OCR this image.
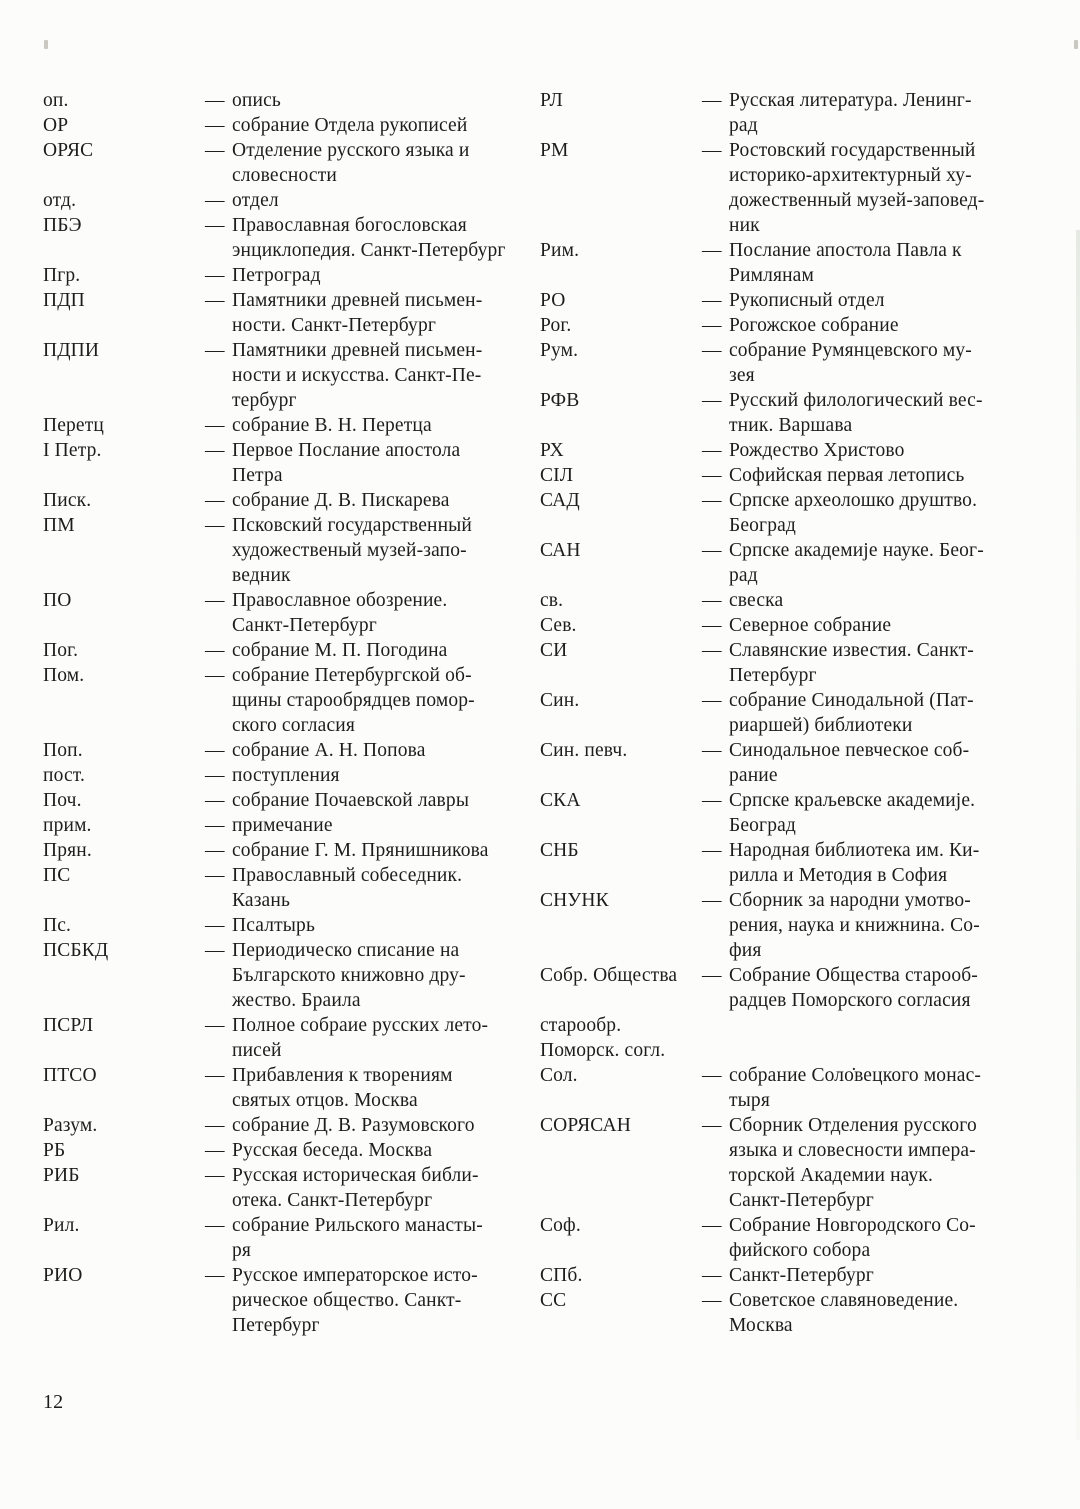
оп.	— опись
ОР	— собрание Отдела рукописей
ОРЯС	— Отделение русского языка и
словесности
отд.	— отдел
ПБЭ	— Православная богословская
энциклопедия. Санкт-Петербург
Пгр.	— Петроград
ПДП	— Памятники древней письмен-
ности. Санкт-Петербург
ПДПИ	— Памятники древней письмен-
ности и искусства. Санкт-Пе-
тербург
Перетц	— собрание В. Н. Перетца
I Петр.	— Первое Послание апостола
Петра
Писк.	— собрание Д. В. Пискарева
ПМ	— Псковский государственный
художественый музей-запо-
ведник
ПО	— Православное обозрение.
Санкт-Петербург
Пог.	— собрание М. П. Погодина
Пом.	— собрание Петербургской об-
щины старообрядцев помор-
ского согласия
Поп.	— собрание А. Н. Попова
пост.	— поступления
Поч.	— собрание Почаевской лавры
прим.	— примечание
Прян.	— собрание Г. М. Прянишникова
ПС	— Православный собеседник.
Казань
Пс.	— Псалтырь
ПСБКД	— Периодическо списание на
Българското книжовно дру-
жество. Браила
ПСРЛ	— Полное собраие русских лето-
писей
ПТСО	— Прибавления к творениям
святых отцов. Москва
Разум.	— собрание Д. В. Разумовского
РБ	— Русская беседа. Москва
РИБ	— Русская историческая библи-
отека. Санкт-Петербург
Рил.	— собрание Рильского манасты-
ря
РИО	— Русское императорское исто-
рическое общество. Санкт-
Петербург
РЛ	— Русская литература. Ленинг-
рад
РМ	— Ростовский государственный
историко-архитектурный ху-
дожественный музей-заповед-
ник
Рим.	— Послание апостола Павла к
Римлянам
РО	— Рукописный отдел
Рог.	— Рогожское собрание
Рум.	— собрание Румянцевского му-
зея
РФВ	— Русский филологический вес-
тник. Варшава
РХ	— Рождество Христово
СІЛ	— Софийская первая летопись
САД	— Српске археолошко друштво.
Београд
САН	— Српске академије науке. Беог-
рад
св.	— свеска
Сев.	— Северное собрание
СИ	— Славянские известия. Санкт-
Петербург
Син.	— собрание Синодальной (Пат-
риаршей) библиотеки
Син. певч.	— Синодальное певческое соб-
рание
СКА	— Српске краљевске академије.
Београд
СНБ	— Народная библиотека им. Ки-
рилла и Методия в София
СНУНК	— Сборник за народни умотво-
рения, наука и книжнина. Со-
фия
Собр. Общества	— Собрание Общества старооб-
радцев Поморского согласия
старообр.

Поморск. согл.

Сол.	— собрание Соло̇вецкого монас-
тыря
СОРЯСАН	— Сборник Отделения русского
языка и словесности импера-
торской Академии наук.
Санкт-Петербург
Соф.	— Собрание Новгородского Со-
фийского собора
СПб.	— Санкт-Петербург
СС	— Советское славяноведение.
Москва
12
